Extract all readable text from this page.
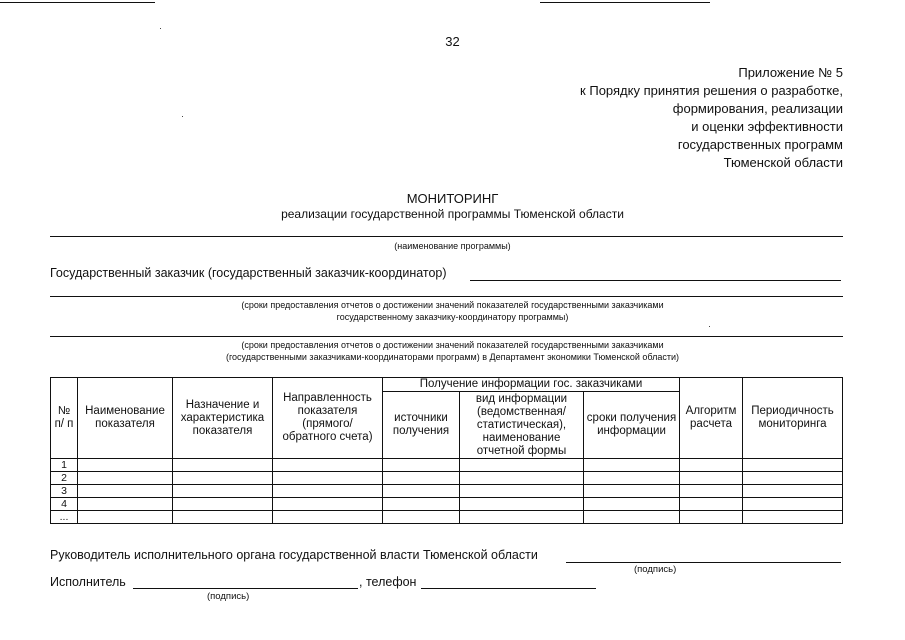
32
Приложение № 5
к Порядку принятия решения о разработке,
формирования, реализации
и оценки эффективности
государственных программ
Тюменской области
МОНИТОРИНГ
реализации государственной программы Тюменской области
(наименование программы)
Государственный заказчик (государственный заказчик-координатор)
(сроки предоставления отчетов о достижении значений показателей государственными заказчиками
государственному заказчику-координатору программы)
(сроки предоставления отчетов о достижении значений показателей государственными заказчиками
(государственными заказчиками-координаторами программ) в Департамент экономики Тюменской области)
№ п/ п	Наименование показателя	Назначение и характеристика показателя	Направленность показателя (прямого/ обратного счета)	Получение информации гос. заказчиками			Алгоритм расчета	Периодичность мониторинга
				источники получения	вид информации (ведомственная/ статистическая), наименование отчетной формы	сроки получения информации		
1								
2								
3								
4								
...								
Руководитель исполнительного органа государственной власти Тюменской области
(подпись)
Исполнитель	, телефон
(подпись)
